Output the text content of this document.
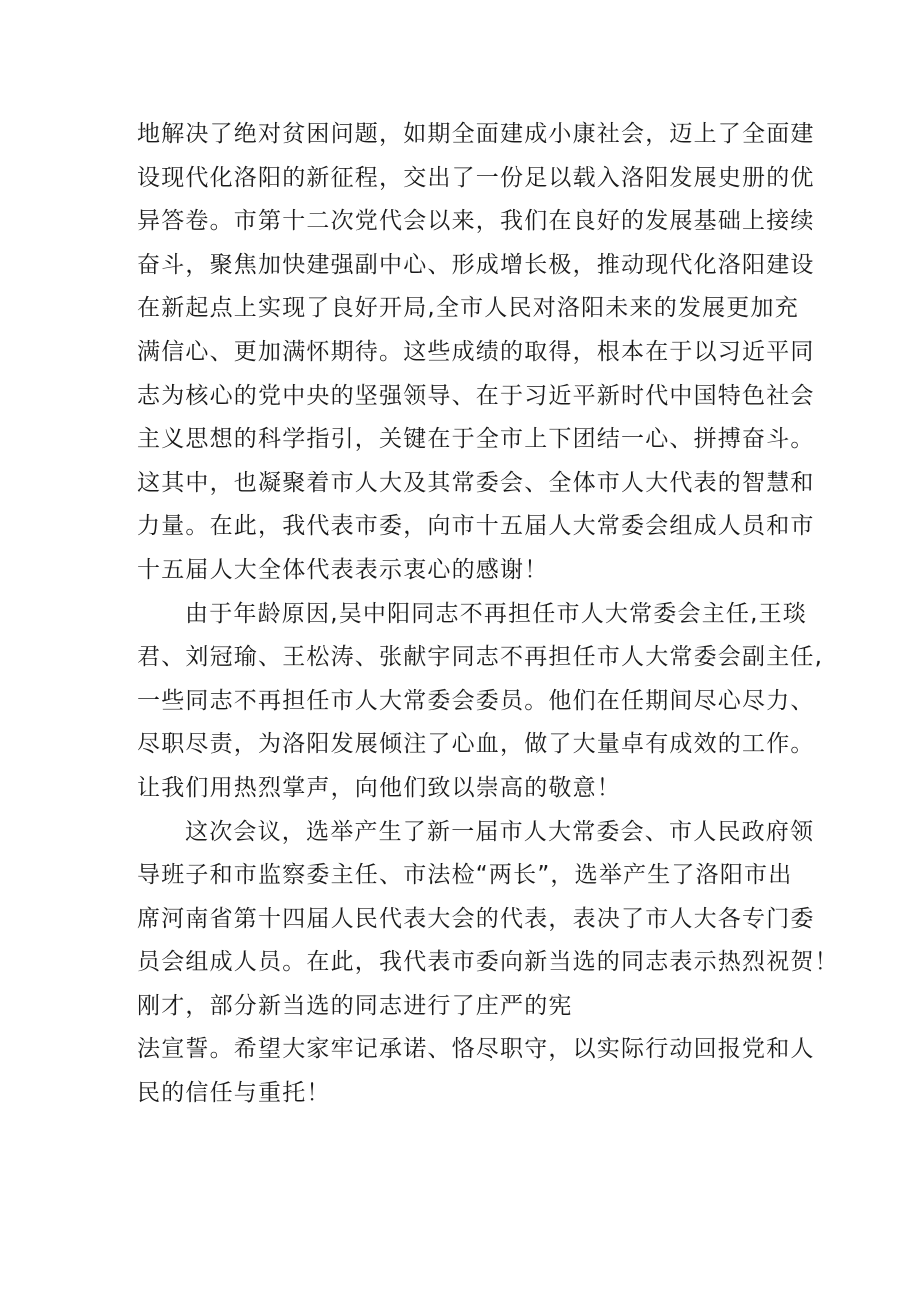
地解决了绝对贫困问题，如期全面建成小康社会，迈上了全面建
设现代化洛阳的新征程，交出了一份足以载入洛阳发展史册的优
异答卷。市第十二次党代会以来，我们在良好的发展基础上接续
奋斗，聚焦加快建强副中心、形成增长极，推动现代化洛阳建设
在新起点上实现了良好开局,全市人民对洛阳未来的发展更加充
满信心、更加满怀期待。这些成绩的取得，根本在于以习近平同
志为核心的党中央的坚强领导、在于习近平新时代中国特色社会
主义思想的科学指引，关键在于全市上下团结一心、拼搏奋斗。
这其中，也凝聚着市人大及其常委会、全体市人大代表的智慧和
力量。在此，我代表市委，向市十五届人大常委会组成人员和市
十五届人大全体代表表示衷心的感谢！
由于年龄原因,吴中阳同志不再担任市人大常委会主任,王琰
君、刘冠瑜、王松涛、张献宇同志不再担任市人大常委会副主任,
一些同志不再担任市人大常委会委员。他们在任期间尽心尽力、
尽职尽责，为洛阳发展倾注了心血，做了大量卓有成效的工作。
让我们用热烈掌声，向他们致以崇高的敬意！
这次会议，选举产生了新一届市人大常委会、市人民政府领
导班子和市监察委主任、市法检“两长”，选举产生了洛阳市出
席河南省第十四届人民代表大会的代表，表决了市人大各专门委
员会组成人员。在此，我代表市委向新当选的同志表示热烈祝贺！
刚才，部分新当选的同志进行了庄严的宪
法宣誓。希望大家牢记承诺、恪尽职守，以实际行动回报党和人
民的信任与重托！
